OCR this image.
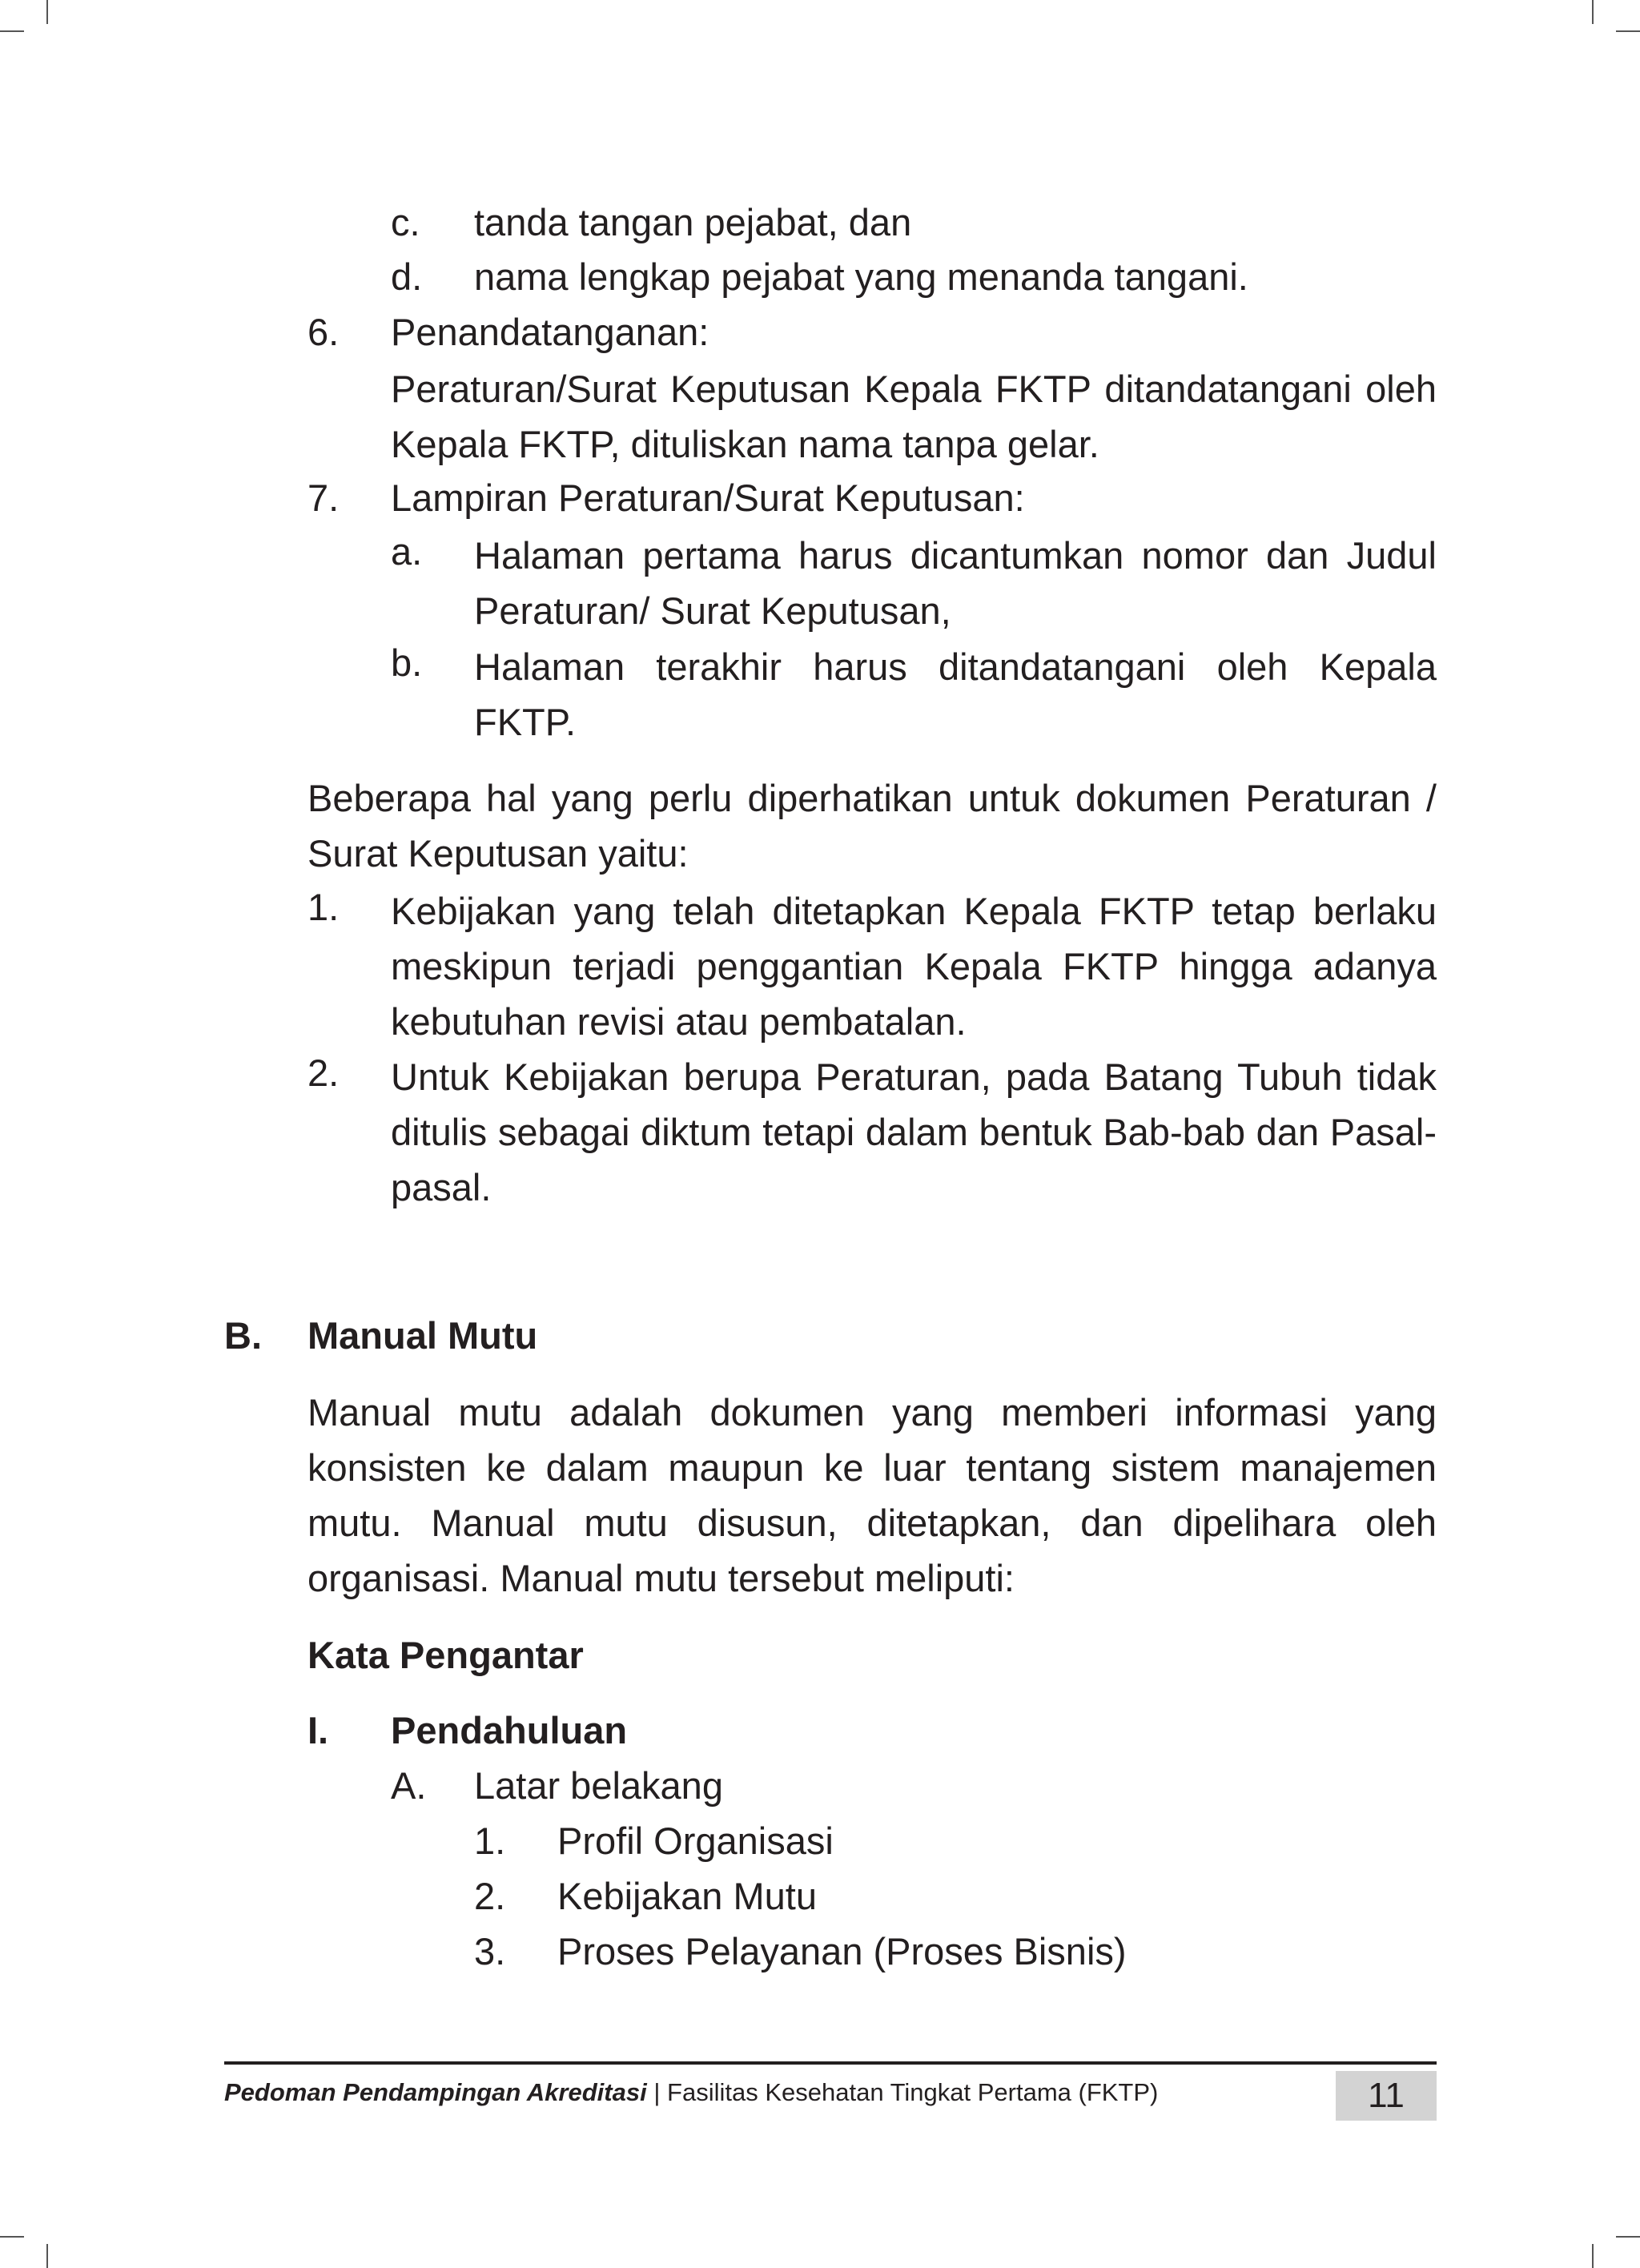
c. tanda tangan pejabat, dan
d. nama lengkap pejabat yang menanda tangani.
6. Penandatanganan:
Peraturan/Surat Keputusan Kepala FKTP ditandatangani oleh Kepala FKTP, dituliskan nama tanpa gelar.
7. Lampiran Peraturan/Surat Keputusan:
a. Halaman pertama harus dicantumkan nomor dan Judul Peraturan/ Surat Keputusan,
b. Halaman terakhir harus ditandatangani oleh Kepala FKTP.
Beberapa hal yang perlu diperhatikan untuk dokumen Peraturan / Surat Keputusan yaitu:
1. Kebijakan yang telah ditetapkan Kepala FKTP tetap berlaku meskipun terjadi penggantian Kepala FKTP hingga adanya kebutuhan revisi atau pembatalan.
2. Untuk Kebijakan berupa Peraturan, pada Batang Tubuh tidak ditulis sebagai diktum tetapi dalam bentuk Bab-bab dan Pasal-pasal.
B. Manual Mutu
Manual mutu adalah dokumen yang memberi informasi yang konsisten ke dalam maupun ke luar tentang sistem manajemen mutu. Manual mutu disusun, ditetapkan, dan dipelihara oleh organisasi. Manual mutu tersebut meliputi:
Kata Pengantar
I. Pendahuluan
A. Latar belakang
1. Profil Organisasi
2. Kebijakan Mutu
3. Proses Pelayanan (Proses Bisnis)
Pedoman Pendampingan Akreditasi | Fasilitas Kesehatan Tingkat Pertama (FKTP)	11
